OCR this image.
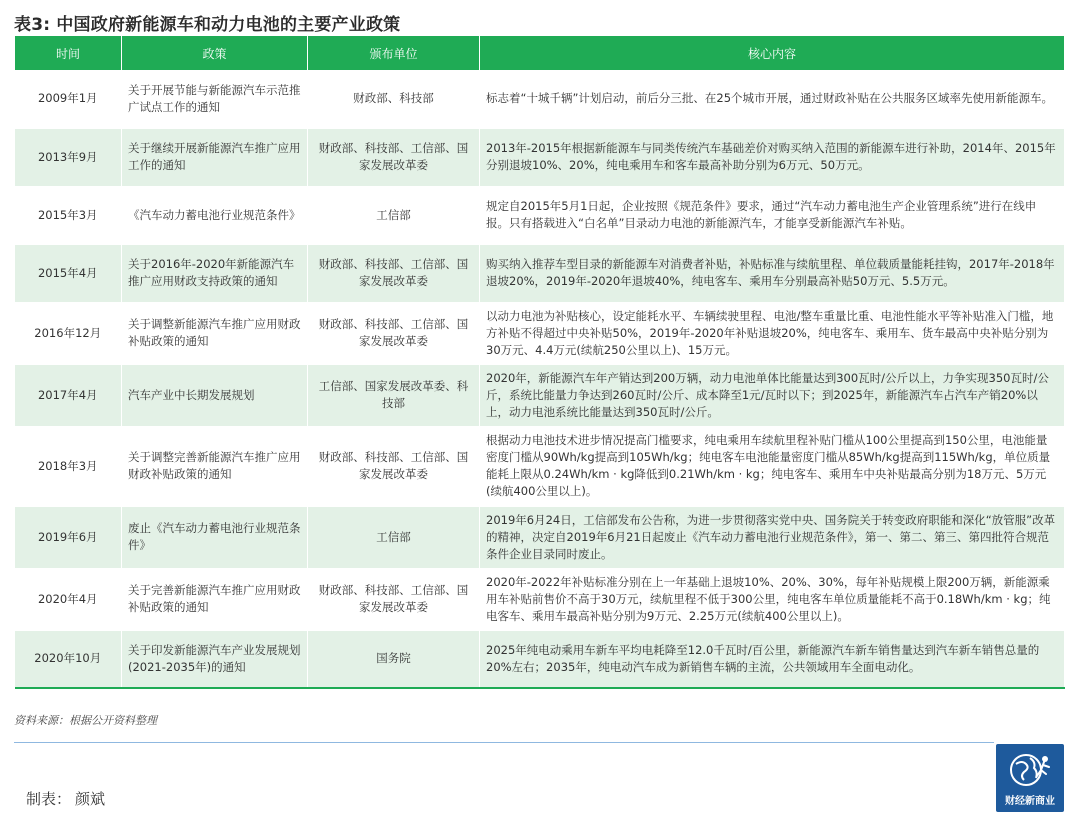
表3: 中国政府新能源车和动力电池的主要产业政策
时间	政策	颁布单位	核心内容
2009年1月	关于开展节能与新能源汽车示范推广试点工作的通知	财政部、科技部	标志着“十城千辆”计划启动，前后分三批、在25个城市开展，通过财政补贴在公共服务区域率先使用新能源车。
2013年9月	关于继续开展新能源汽车推广应用工作的通知	财政部、科技部、工信部、国家发展改革委	2013年-2015年根据新能源车与同类传统汽车基础差价对购买纳入范围的新能源车进行补助，2014年、2015年分别退坡10%、20%，纯电乘用车和客车最高补助分别为6万元、50万元。
2015年3月	《汽车动力蓄电池行业规范条件》	工信部	规定自2015年5月1日起，企业按照《规范条件》要求，通过“汽车动力蓄电池生产企业管理系统”进行在线申报。只有搭载进入“白名单”目录动力电池的新能源汽车，才能享受新能源汽车补贴。
2015年4月	关于2016年-2020年新能源汽车推广应用财政支持政策的通知	财政部、科技部、工信部、国家发展改革委	购买纳入推荐车型目录的新能源车对消费者补贴，补贴标准与续航里程、单位载质量能耗挂钩，2017年-2018年退坡20%，2019年-2020年退坡40%，纯电客车、乘用车分别最高补贴50万元、5.5万元。
2016年12月	关于调整新能源汽车推广应用财政补贴政策的通知	财政部、科技部、工信部、国家发展改革委	以动力电池为补贴核心，设定能耗水平、车辆续驶里程、电池/整车重量比重、电池性能水平等补贴准入门槛，地方补贴不得超过中央补贴50%，2019年-2020年补贴退坡20%，纯电客车、乘用车、货车最高中央补贴分别为30万元、4.4万元(续航250公里以上)、15万元。
2017年4月	汽车产业中长期发展规划	工信部、国家发展改革委、科技部	2020年，新能源汽车年产销达到200万辆，动力电池单体比能量达到300瓦时/公斤以上，力争实现350瓦时/公斤，系统比能量力争达到260瓦时/公斤、成本降至1元/瓦时以下；到2025年，新能源汽车占汽车产销20%以上，动力电池系统比能量达到350瓦时/公斤。
2018年3月	关于调整完善新能源汽车推广应用财政补贴政策的通知	财政部、科技部、工信部、国家发展改革委	根据动力电池技术进步情况提高门槛要求，纯电乘用车续航里程补贴门槛从100公里提高到150公里，电池能量密度门槛从90Wh/kg提高到105Wh/kg；纯电客车电池能量密度门槛从85Wh/kg提高到115Wh/kg，单位质量能耗上限从0.24Wh/km · kg降低到0.21Wh/km · kg；纯电客车、乘用车中央补贴最高分别为18万元、5万元(续航400公里以上)。
2019年6月	废止《汽车动力蓄电池行业规范条件》	工信部	2019年6月24日，工信部发布公告称，为进一步贯彻落实党中央、国务院关于转变政府职能和深化“放管服”改革的精神，决定自2019年6月21日起废止《汽车动力蓄电池行业规范条件》，第一、第二、第三、第四批符合规范条件企业目录同时废止。
2020年4月	关于完善新能源汽车推广应用财政补贴政策的通知	财政部、科技部、工信部、国家发展改革委	2020年-2022年补贴标准分别在上一年基础上退坡10%、20%、30%，每年补贴规模上限200万辆，新能源乘用车补贴前售价不高于30万元，续航里程不低于300公里，纯电客车单位质量能耗不高于0.18Wh/km · kg；纯电客车、乘用车最高补贴分别为9万元、2.25万元(续航400公里以上)。
2020年10月	关于印发新能源汽车产业发展规划(2021-2035年)的通知	国务院	2025年纯电动乘用车新车平均电耗降至12.0千瓦时/百公里，新能源汽车新车销售量达到汽车新车销售总量的20%左右；2035年，纯电动汽车成为新销售车辆的主流，公共领域用车全面电动化。
资料来源：根据公开资料整理
制表： 颜斌	财经新商业
